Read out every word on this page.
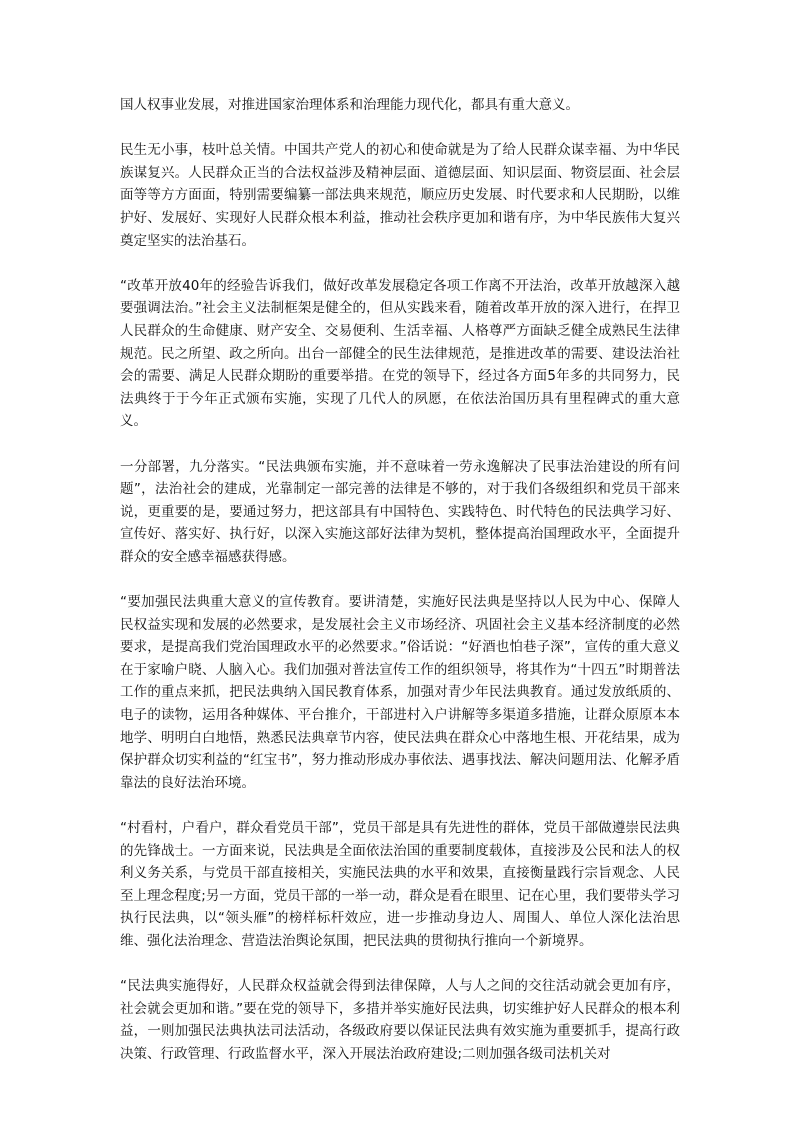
国人权事业发展，对推进国家治理体系和治理能力现代化，都具有重大意义。

民生无小事，枝叶总关情。中国共产党人的初心和使命就是为了给人民群众谋幸福、为中华民族谋复兴。人民群众正当的合法权益涉及精神层面、道德层面、知识层面、物资层面、社会层面等等方方面面，特别需要编纂一部法典来规范，顺应历史发展、时代要求和人民期盼，以维护好、发展好、实现好人民群众根本利益，推动社会秩序更加和谐有序，为中华民族伟大复兴奠定坚实的法治基石。

“改革开放40年的经验告诉我们，做好改革发展稳定各项工作离不开法治，改革开放越深入越要强调法治。”社会主义法制框架是健全的，但从实践来看，随着改革开放的深入进行，在捍卫人民群众的生命健康、财产安全、交易便利、生活幸福、人格尊严方面缺乏健全成熟民生法律规范。民之所望、政之所向。出台一部健全的民生法律规范，是推进改革的需要、建设法治社会的需要、满足人民群众期盼的重要举措。在党的领导下，经过各方面5年多的共同努力，民法典终于于今年正式颁布实施，实现了几代人的夙愿，在依法治国历具有里程碑式的重大意义。

一分部署，九分落实。“民法典颁布实施，并不意味着一劳永逸解决了民事法治建设的所有问题”，法治社会的建成，光靠制定一部完善的法律是不够的，对于我们各级组织和党员干部来说，更重要的是，要通过努力，把这部具有中国特色、实践特色、时代特色的民法典学习好、宣传好、落实好、执行好，以深入实施这部好法律为契机，整体提高治国理政水平，全面提升群众的安全感幸福感获得感。

“要加强民法典重大意义的宣传教育。要讲清楚，实施好民法典是坚持以人民为中心、保障人民权益实现和发展的必然要求，是发展社会主义市场经济、巩固社会主义基本经济制度的必然要求，是提高我们党治国理政水平的必然要求。”俗话说：“好酒也怕巷子深”，宣传的重大意义在于家喻户晓、人脑入心。我们加强对普法宣传工作的组织领导，将其作为“十四五”时期普法工作的重点来抓，把民法典纳入国民教育体系，加强对青少年民法典教育。通过发放纸质的、电子的读物，运用各种媒体、平台推介，干部进村入户讲解等多渠道多措施，让群众原原本本地学、明明白白地悟，熟悉民法典章节内容，使民法典在群众心中落地生根、开花结果，成为保护群众切实利益的“红宝书”，努力推动形成办事依法、遇事找法、解决问题用法、化解矛盾靠法的良好法治环境。

“村看村，户看户，群众看党员干部”，党员干部是具有先进性的群体，党员干部做遵崇民法典的先锋战士。一方面来说，民法典是全面依法治国的重要制度载体，直接涉及公民和法人的权利义务关系，与党员干部直接相关，实施民法典的水平和效果，直接衡量践行宗旨观念、人民至上理念程度;另一方面，党员干部的一举一动，群众是看在眼里、记在心里，我们要带头学习执行民法典，以“领头雁”的榜样标杆效应，进一步推动身边人、周围人、单位人深化法治思维、强化法治理念、营造法治舆论氛围，把民法典的贯彻执行推向一个新境界。

“民法典实施得好，人民群众权益就会得到法律保障，人与人之间的交往活动就会更加有序，社会就会更加和谐。”要在党的领导下，多措并举实施好民法典，切实维护好人民群众的根本利益，一则加强民法典执法司法活动，各级政府要以保证民法典有效实施为重要抓手，提高行政决策、行政管理、行政监督水平，深入开展法治政府建设;二则加强各级司法机关对
